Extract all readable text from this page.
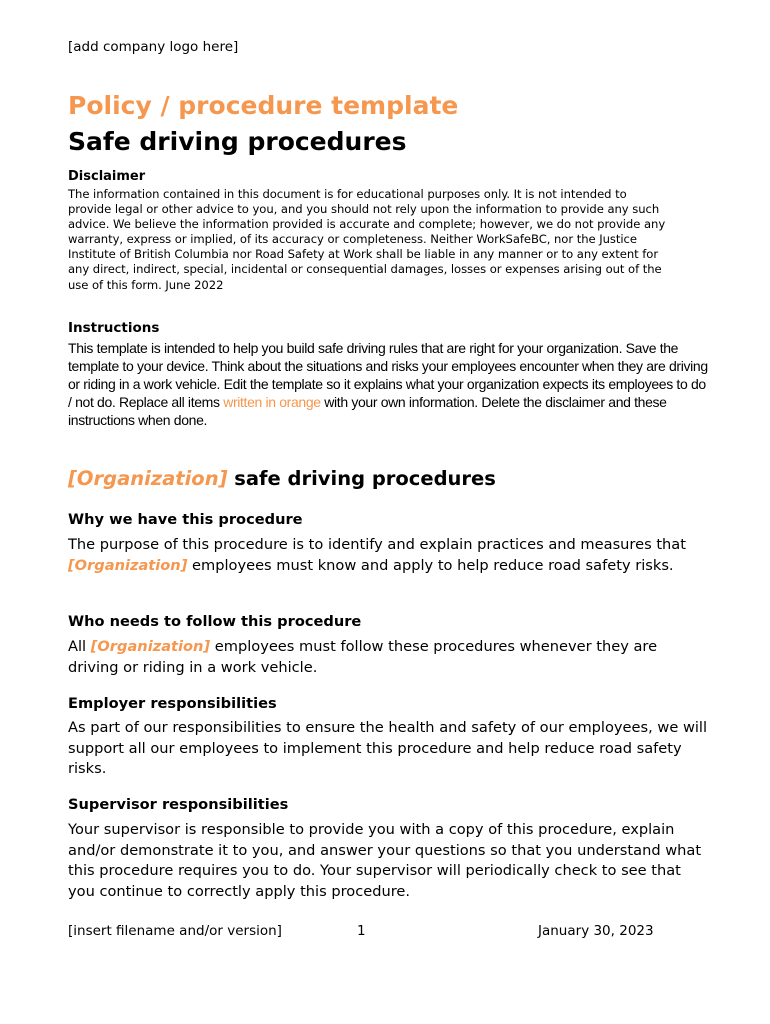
[add company logo here]
Policy / procedure template
Safe driving procedures
Disclaimer
The information contained in this document is for educational purposes only. It is not intended to provide legal or other advice to you, and you should not rely upon the information to provide any such advice. We believe the information provided is accurate and complete; however, we do not provide any warranty, express or implied, of its accuracy or completeness. Neither WorkSafeBC, nor the Justice Institute of British Columbia nor Road Safety at Work shall be liable in any manner or to any extent for any direct, indirect, special, incidental or consequential damages, losses or expenses arising out of the use of this form. June 2022
Instructions
This template is intended to help you build safe driving rules that are right for your organization. Save the template to your device. Think about the situations and risks your employees encounter when they are driving or riding in a work vehicle. Edit the template so it explains what your organization expects its employees to do / not do. Replace all items written in orange with your own information. Delete the disclaimer and these instructions when done.
[Organization] safe driving procedures
Why we have this procedure
The purpose of this procedure is to identify and explain practices and measures that [Organization] employees must know and apply to help reduce road safety risks.
Who needs to follow this procedure
All [Organization] employees must follow these procedures whenever they are driving or riding in a work vehicle.
Employer responsibilities
As part of our responsibilities to ensure the health and safety of our employees, we will support all our employees to implement this procedure and help reduce road safety risks.
Supervisor responsibilities
Your supervisor is responsible to provide you with a copy of this procedure, explain and/or demonstrate it to you, and answer your questions so that you understand what this procedure requires you to do. Your supervisor will periodically check to see that you continue to correctly apply this procedure.
[insert filename and/or version]	1	January 30, 2023
